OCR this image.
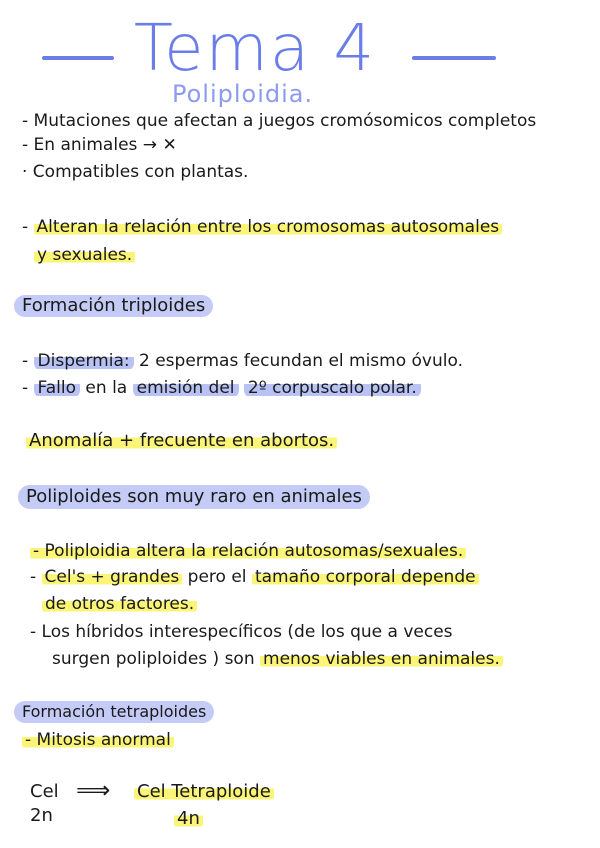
Tema 4
Poliploidia.
- Mutaciones que afectan a juegos cromósomicos completos
- En animales → ✕
· Compatibles con plantas.
- Alteran la relación entre los cromosomas autosomales
y sexuales.
Formación triploides
- Dispermia: 2 espermas fecundan el mismo óvulo.
- Fallo en la emisión del 2º corpuscalo polar.
Anomalía + frecuente en abortos.
Poliploides son muy raro en animales
- Poliploidia altera la relación autosomas/sexuales.
- Cel's + grandes pero el tamaño corporal depende
de otros factores.
- Los híbridos interespecíficos (de los que a veces
surgen poliploides ) son menos viables en animales.
Formación tetraploides
- Mitosis anormal
Cel ⟹ Cel Tetraploide
2n	4n
